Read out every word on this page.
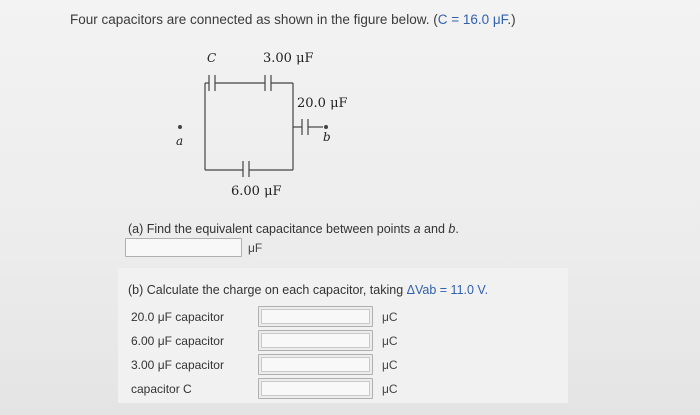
Four capacitors are connected as shown in the figure below. (C = 16.0 μF.)
C	3.00 μF
20.0 μF
6.00 μF
a	b
(a) Find the equivalent capacitance between points a and b.
μF
(b) Calculate the charge on each capacitor, taking ΔVab = 11.0 V.
20.0 μF capacitor	μC
6.00 μF capacitor	μC
3.00 μF capacitor	μC
capacitor C	μC
